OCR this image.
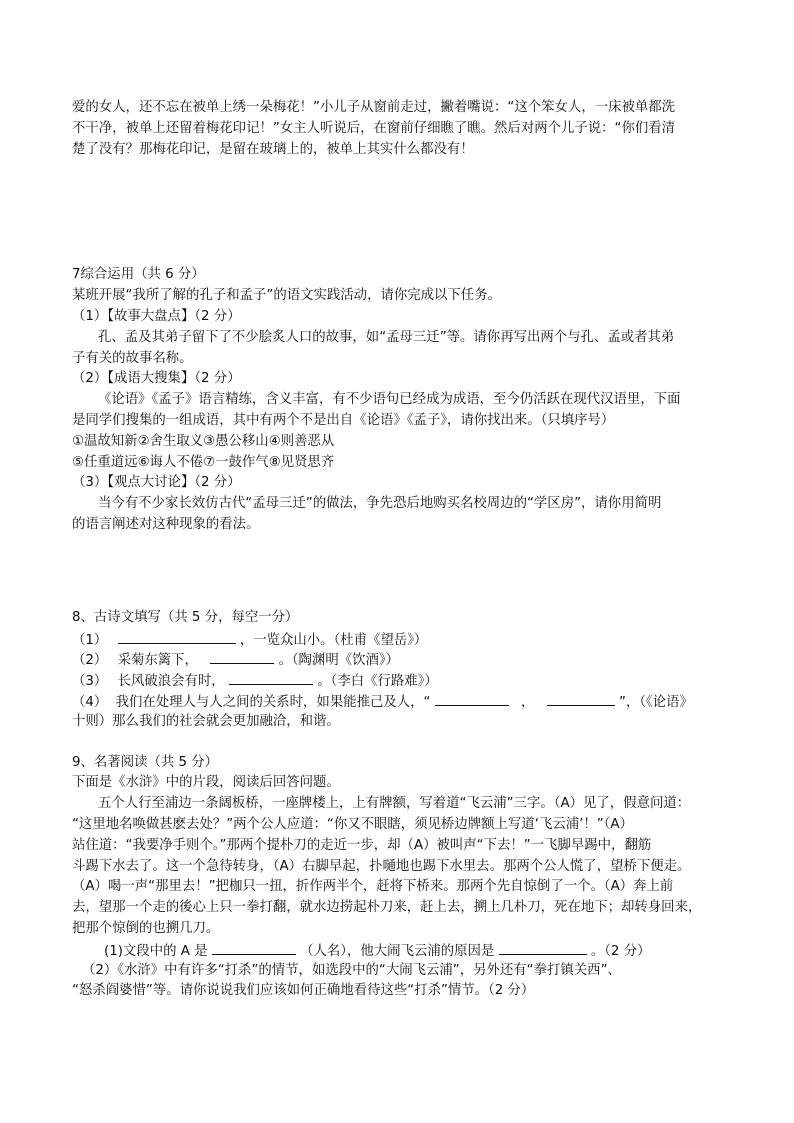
爱的女人，还不忘在被单上绣一朵梅花！”小儿子从窗前走过，撇着嘴说：“这个笨女人，一床被单都洗
不干净，被单上还留着梅花印记！”女主人听说后，在窗前仔细瞧了瞧。然后对两个儿子说：“你们看清
楚了没有？那梅花印记，是留在玻璃上的，被单上其实什么都没有！
7综合运用（共 6 分）
某班开展“我所了解的孔子和孟子”的语文实践活动，请你完成以下任务。
（1）【故事大盘点】（2 分）
孔、孟及其弟子留下了不少脍炙人口的故事，如“孟母三迁”等。请你再写出两个与孔、孟或者其弟
子有关的故事名称。
（2）【成语大搜集】（2 分）
《论语》《孟子》语言精练，含义丰富，有不少语句已经成为成语，至今仍活跃在现代汉语里，下面
是同学们搜集的一组成语，其中有两个不是出自《论语》《孟子》，请你找出来。（只填序号）
①温故知新②舍生取义③愚公移山④则善恶从
⑤任重道远⑥诲人不倦⑦一鼓作气⑧见贤思齐
（3）【观点大讨论】（2 分）
当今有不少家长效仿古代“孟母三迁”的做法，争先恐后地购买名校周边的“学区房”，请你用简明
的语言阐述对这种现象的看法。
8、古诗文填写（共 5 分，每空一分）
（1）	，一览众山小。（杜甫《望岳》）
（2） 采菊东篱下，	。（陶渊明《饮酒》）
（3） 长风破浪会有时，	。（李白《行路难》）
（4） 我们在处理人与人之间的关系时，如果能推己及人，“	，	”，（《论语》
十则）那么我们的社会就会更加融洽，和谐。
9、名著阅读（共 5 分）
下面是《水浒》中的片段，阅读后回答问题。
五个人行至浦边一条阔板桥，一座牌楼上，上有牌额，写着道“飞云浦”三字。（A）见了，假意问道：
“这里地名唤做甚麽去处？”两个公人应道：“你又不眼瞎，须见桥边牌额上写道‘飞云浦’！”（A）
站住道：“我要净手则个。”那两个提朴刀的走近一步，却（A）被叫声“下去！”一飞脚早踢中，翻筋
斗踢下水去了。这一个急待转身，（A）右脚早起，扑嗵地也踢下水里去。那两个公人慌了，望桥下便走。
（A）喝一声“那里去！”把枷只一扭，折作两半个，赶将下桥来。那两个先自惊倒了一个。（A）奔上前
去，望那一个走的後心上只一拳打翻，就水边捞起朴刀来，赶上去，搠上几朴刀，死在地下；却转身回来，
把那个惊倒的也搠几刀。
(1)文段中的 A 是	（人名），他大闹飞云浦的原因是	。（2 分）
（2）《水浒》中有许多“打杀”的情节，如选段中的“大闹飞云浦”，另外还有“拳打镇关西”、
“怒杀阎婆惜”等。请你说说我们应该如何正确地看待这些“打杀”情节。（2 分）
